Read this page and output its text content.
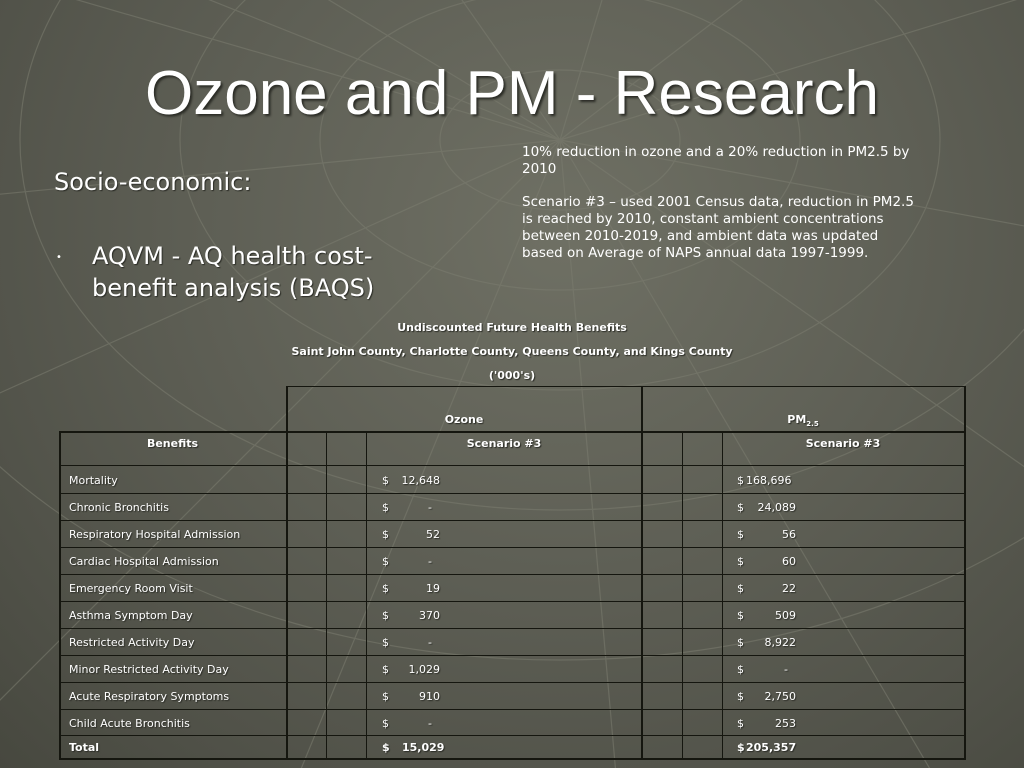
Ozone and PM - Research
Socio-economic:
• AQVM - AQ health cost-benefit analysis (BAQS)
10% reduction in ozone and a 20% reduction in PM2.5 by 2010
Scenario #3 – used 2001 Census data, reduction in PM2.5 is reached by 2010, constant ambient concentrations between 2010-2019, and ambient data was updated based on Average of NAPS annual data 1997-1999.
Undiscounted Future Health Benefits
Saint John County, Charlotte County, Queens County, and Kings County
('000's)
Ozone	$PM_{2.5}$
Benefits	Scenario #3	Scenario #3
Mortality	$ 12,648	$ 168,696
Chronic Bronchitis	$	-	$	24,089
Respiratory Hospital Admission	$	52	$	56
Cardiac Hospital Admission	$	-	$	60
Emergency Room Visit	$	19	$	22
Asthma Symptom Day	$	370	$	509
Restricted Activity Day	$	-	$	8,922
Minor Restricted Activity Day	$	1,029	$	-
Acute Respiratory Symptoms	$	910	$	2,750
Child Acute Bronchitis	$	-	$	253
Total	$ 15,029	$ 205,357
